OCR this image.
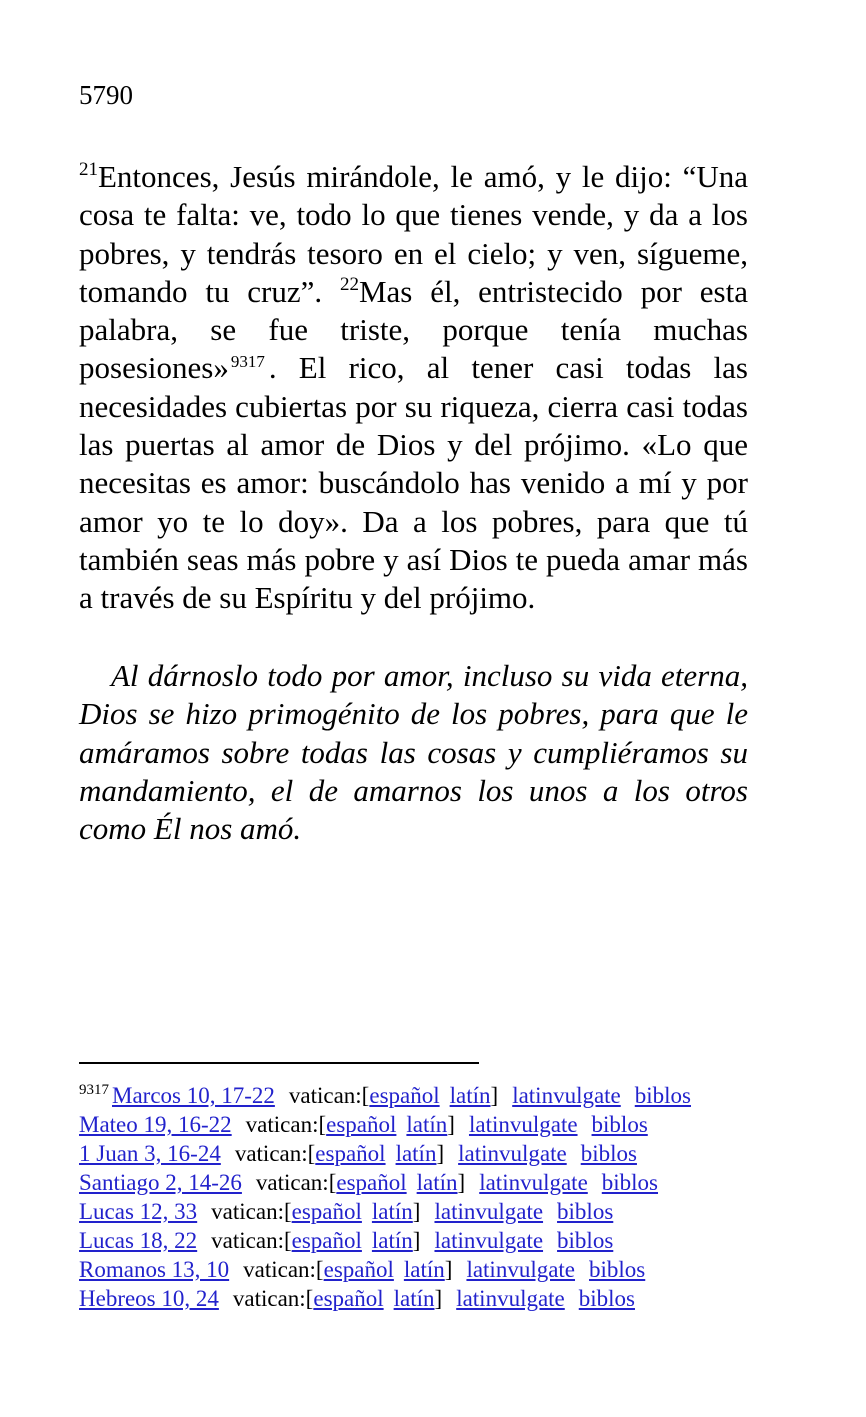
5790

$^{21}$Entonces, Jesús mirándole, le amó, y le dijo: “Una cosa te falta: ve, todo lo que tienes vende, y da a los pobres, y tendrás tesoro en el cielo; y ven, sígueme, tomando tu cruz”. $^{22}$Mas él, entristecido por esta palabra, se fue triste, porque tenía muchas posesiones» $^{9317}$ . El rico, al tener casi todas las necesidades cubiertas por su riqueza, cierra casi todas las puertas al amor de Dios y del prójimo. «Lo que necesitas es amor: buscándolo has venido a mí y por amor yo te lo doy». Da a los pobres, para que tú también seas más pobre y así Dios te pueda amar más a través de su Espíritu y del prójimo.

Al dárnoslo todo por amor, incluso su vida eterna, Dios se hizo primogénito de los pobres, para que le amáramos sobre todas las cosas y cumpliéramos su mandamiento, el de amarnos los unos a los otros como Él nos amó.

$^{9317}$ Marcos 10, 17-22 vatican:[español latín] latinvulgate biblos
Mateo 19, 16-22 vatican:[español latín] latinvulgate biblos
1 Juan 3, 16-24 vatican:[español latín] latinvulgate biblos
Santiago 2, 14-26 vatican:[español latín] latinvulgate biblos
Lucas 12, 33 vatican:[español latín] latinvulgate biblos
Lucas 18, 22 vatican:[español latín] latinvulgate biblos
Romanos 13, 10 vatican:[español latín] latinvulgate biblos
Hebreos 10, 24 vatican:[español latín] latinvulgate biblos
